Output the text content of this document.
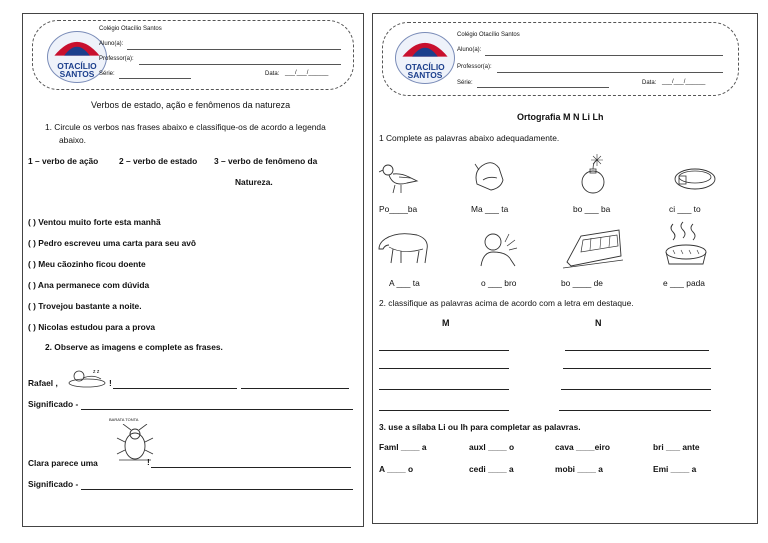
OTACÍLIO
SANTOS
Colégio Otacílio Santos
Aluno(a):
Professor(a):
Série:	Data: ___/___/______
Verbos de estado, ação e fenômenos da natureza
1. Circule os verbos nas frases abaixo e classifique-os de acordo a legenda
abaixo.
1 – verbo de ação 2 – verbo de estado 3 – verbo de fenômeno da
Natureza.
( ) Ventou muito forte esta manhã
( ) Pedro escreveu uma carta para seu avô
( ) Meu cãozinho ficou doente
( ) Ana permanece com dúvida
( ) Trovejou bastante a noite.
( ) Nicolas estudou para a prova
2. Observe as imagens e complete as frases.
Rafael ,
z z
!
Significado -
BARATA TONTA
Clara parece uma	!
Significado -
OTACÍLIO
SANTOS
Colégio Otacílio Santos
Aluno(a):
Professor(a):
Série:	Data: ___/___/______
Ortografia M N Li Lh
1 Complete as palavras abaixo adequadamente.
Po____ba	Ma ___ ta	bo ___ ba	ci ___ to
A ___ ta	o ___ bro	bo ____ de	e ___ pada
2. classifique as palavras acima de acordo com a letra em destaque.
M	N
3. use a sílaba Li ou lh para completar as palavras.
Faml ____ a	auxl ____ o	cava ____eiro	bri ___ ante
A ____ o	cedi ____ a	mobi ____ a	Emi ____ a
